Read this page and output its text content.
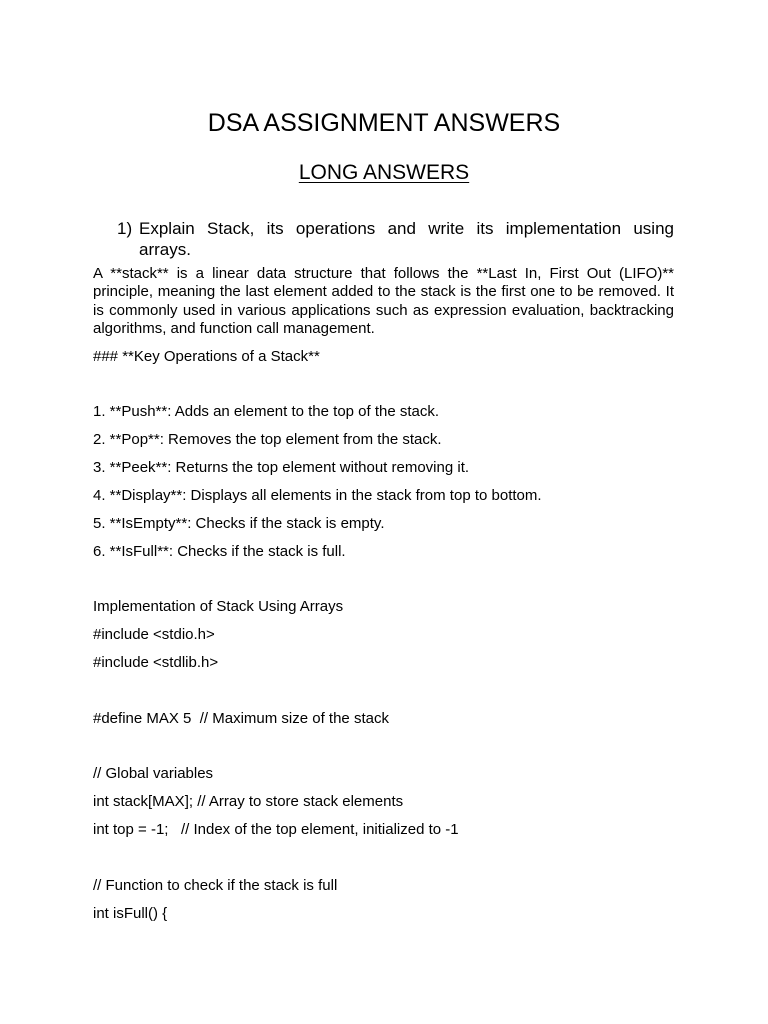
DSA ASSIGNMENT ANSWERS
LONG ANSWERS
1) Explain Stack, its operations and write its implementation using arrays.

A **stack** is a linear data structure that follows the **Last In, First Out (LIFO)** principle, meaning the last element added to the stack is the first one to be removed. It is commonly used in various applications such as expression evaluation, backtracking algorithms, and function call management.

### **Key Operations of a Stack**

1. **Push**: Adds an element to the top of the stack.

2. **Pop**: Removes the top element from the stack.

3. **Peek**: Returns the top element without removing it.

4. **Display**: Displays all elements in the stack from top to bottom.

5. **IsEmpty**: Checks if the stack is empty.

6. **IsFull**: Checks if the stack is full.

Implementation of Stack Using Arrays

#include <stdio.h>

#include <stdlib.h>

#define MAX 5  // Maximum size of the stack

// Global variables

int stack[MAX]; // Array to store stack elements

int top = -1;   // Index of the top element, initialized to -1

// Function to check if the stack is full

int isFull() {
